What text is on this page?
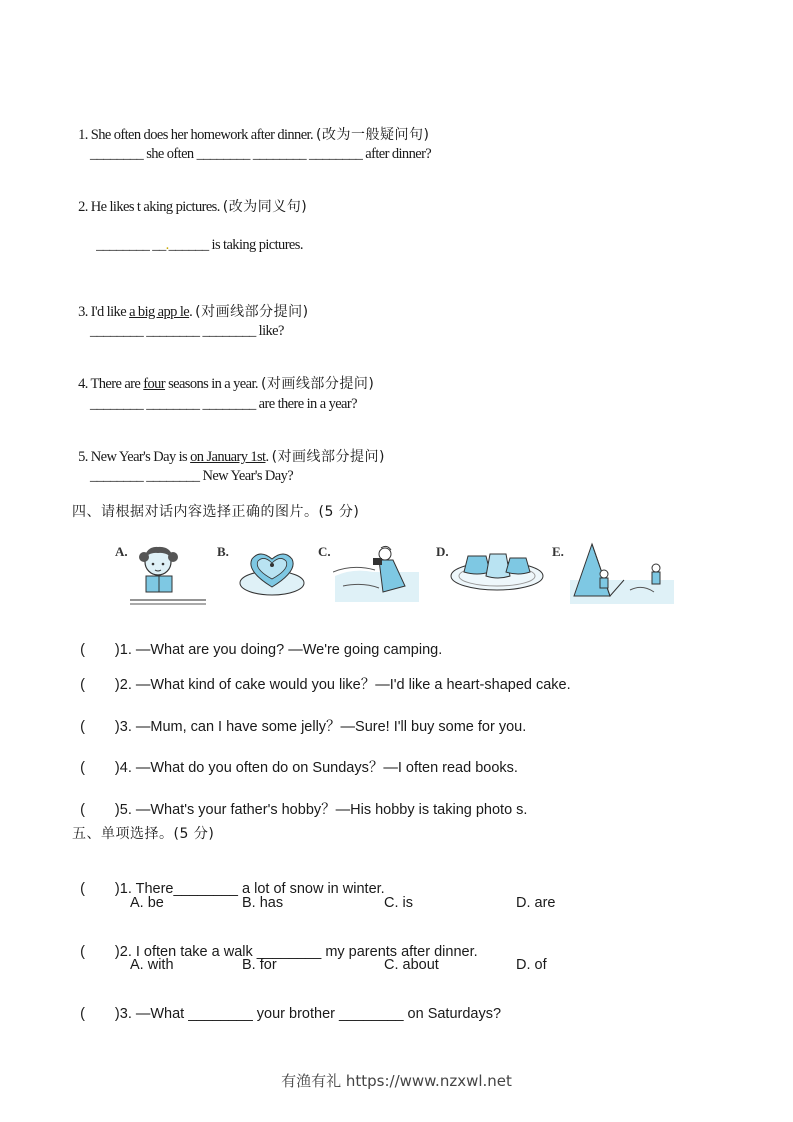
1. She often does her homework after dinner. (改为一般疑问句)

________ she often ________ ________ ________ after dinner?

2. He likes t aking pictures. (改为同义句)

________ __.______ is taking pictures.

3. I'd like a big app le. (对画线部分提问)

________ ________ ________ like?

4. There are four seasons in a year. (对画线部分提问)

________ ________ ________ are there in a year?

5. New Year's Day is on January 1st. (对画线部分提问)

________ ________ New Year's Day?
四、请根据对话内容选择正确的图片。(5 分)
A.	B.	C.	D.	E.

( )1. —What are you doing? —We're going camping.

( )2. —What kind of cake would you like？—I'd like a heart-shaped cake.

( )3. —Mum, can I have some jelly？—Sure! I'll buy some for you.

( )4. —What do you often do on Sundays？—I often read books.

( )5. —What's your father's hobby？—His hobby is taking photo s.

五、单项选择。(5 分)

( )1. There________ a lot of snow in winter.

A. be	B. has	C. is	D. are

( )2. I often take a walk ________ my parents after dinner.

A. with	B. for	C. about	D. of

( )3. —What ________ your brother ________ on Saturdays?

有渔有礼 https://www.nzxwl.net
